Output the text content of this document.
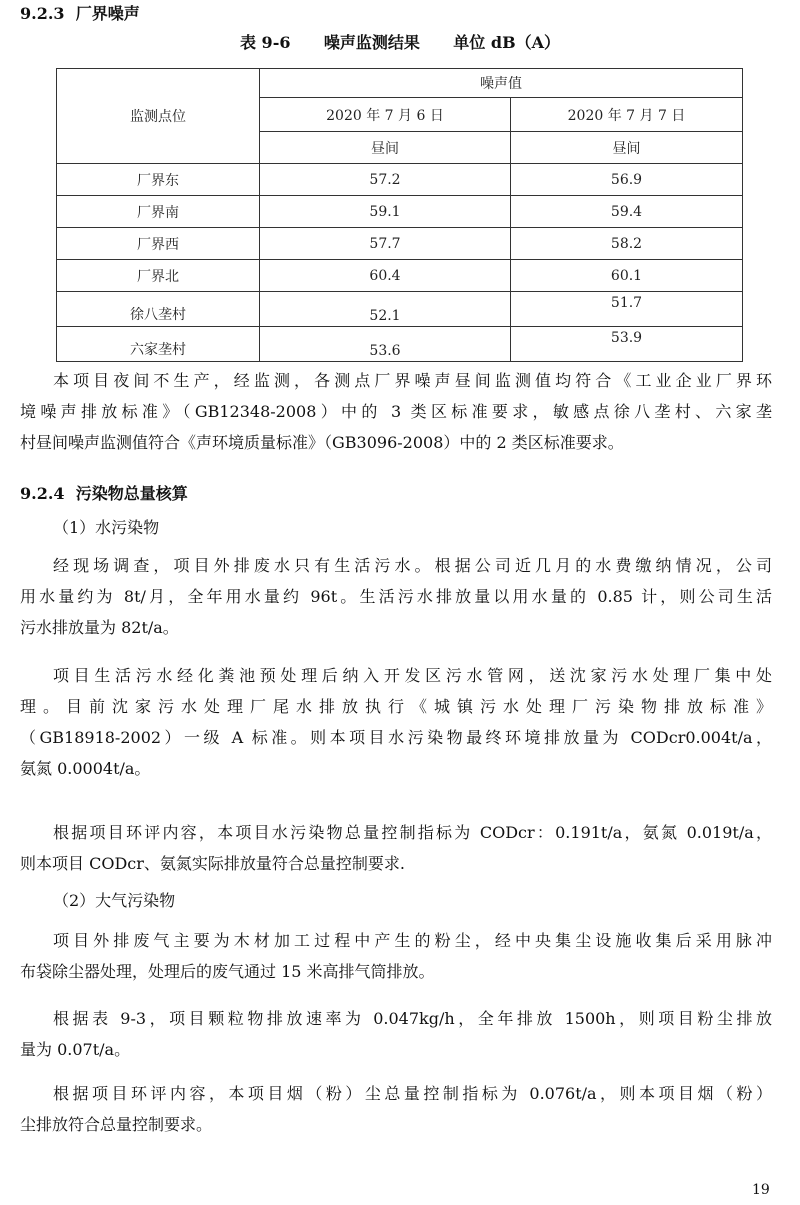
9.2.3 厂界噪声
表 9-6      噪声监测结果      单位 dB（A）
监测点位	噪声值	
	2020 年 7 月 6 日	2020 年 7 月 7 日
	昼间	昼间
厂界东	57.2	56.9
厂界南	59.1	59.4
厂界西	57.7	58.2
厂界北	60.4	60.1
徐八垄村	52.1	51.7
六家垄村	53.6	53.9
本项目夜间不生产，经监测，各测点厂界噪声昼间监测值均符合《工业企业厂界环
境噪声排放标准》（GB12348-2008）中的 3 类区标准要求，敏感点徐八垄村、六家垄
村昼间噪声监测值符合《声环境质量标准》（GB3096-2008）中的 2 类区标准要求。
9.2.4 污染物总量核算
（1）水污染物
经现场调查，项目外排废水只有生活污水。根据公司近几月的水费缴纳情况，公司
用水量约为 8t/月，全年用水量约 96t。生活污水排放量以用水量的 0.85 计，则公司生活
污水排放量为 82t/a。
项目生活污水经化粪池预处理后纳入开发区污水管网，送沈家污水处理厂集中处
理。目前沈家污水处理厂尾水排放执行《城镇污水处理厂污染物排放标准》
（GB18918-2002）一级 A 标准。则本项目水污染物最终环境排放量为 CODcr0.004t/a，
氨氮 0.0004t/a。
根据项目环评内容，本项目水污染物总量控制指标为 CODcr：0.191t/a，氨氮 0.019t/a，
则本项目 CODcr、氨氮实际排放量符合总量控制要求.
（2）大气污染物
项目外排废气主要为木材加工过程中产生的粉尘，经中央集尘设施收集后采用脉冲
布袋除尘器处理，处理后的废气通过 15 米高排气筒排放。
根据表 9-3，项目颗粒物排放速率为 0.047kg/h，全年排放 1500h，则项目粉尘排放
量为 0.07t/a。
根据项目环评内容，本项目烟（粉）尘总量控制指标为 0.076t/a，则本项目烟（粉）
尘排放符合总量控制要求。
19
